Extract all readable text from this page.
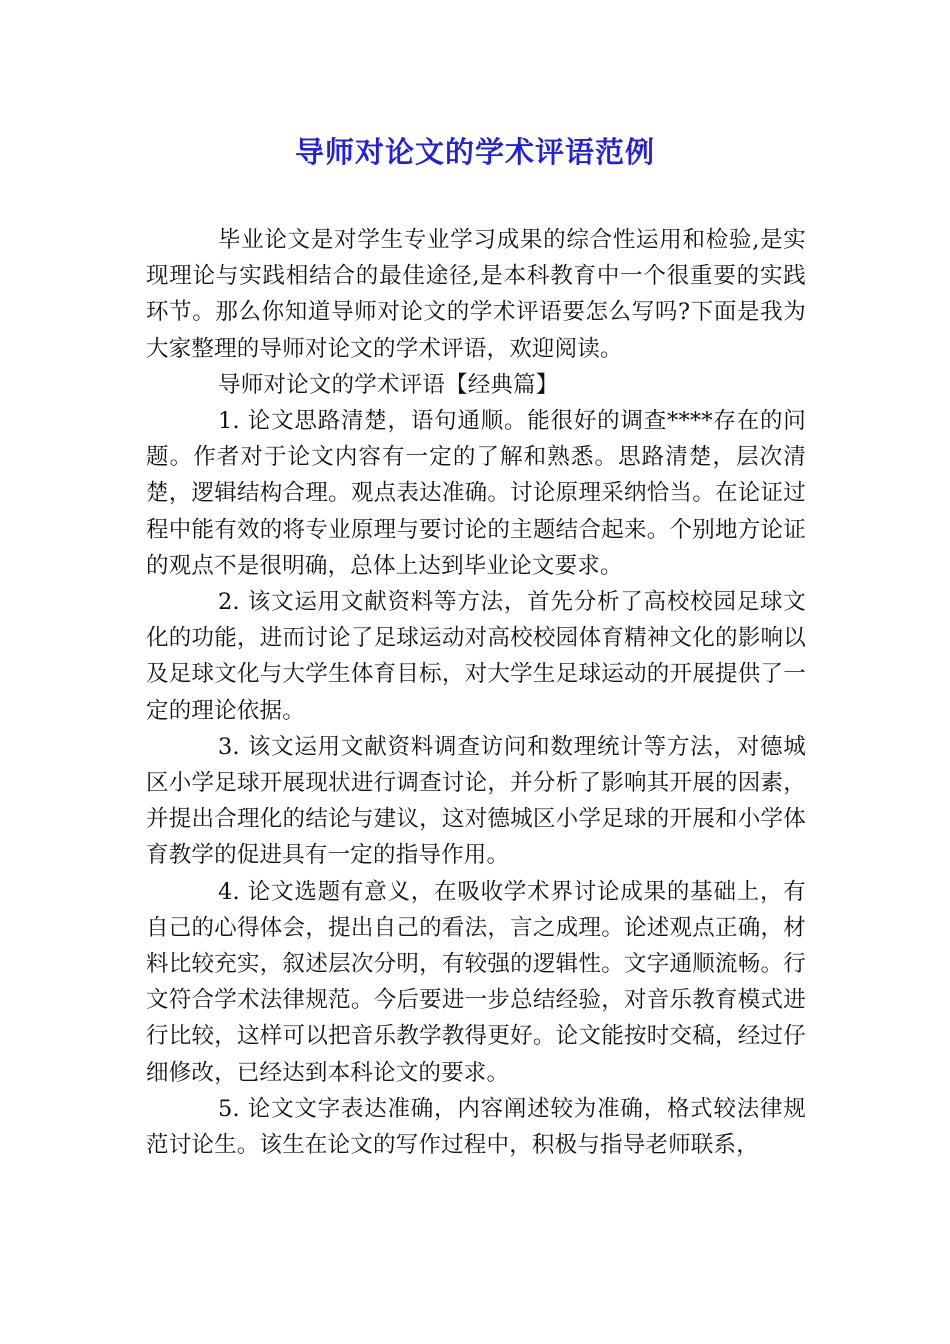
导师对论文的学术评语范例

毕业论文是对学生专业学习成果的综合性运用和检验,是实现理论与实践相结合的最佳途径,是本科教育中一个很重要的实践环节。那么你知道导师对论文的学术评语要怎么写吗?下面是我为大家整理的导师对论文的学术评语，欢迎阅读。

导师对论文的学术评语【经典篇】

1. 论文思路清楚，语句通顺。能很好的调查****存在的问题。作者对于论文内容有一定的了解和熟悉。思路清楚，层次清楚，逻辑结构合理。观点表达准确。讨论原理采纳恰当。在论证过程中能有效的将专业原理与要讨论的主题结合起来。个别地方论证的观点不是很明确，总体上达到毕业论文要求。

2. 该文运用文献资料等方法，首先分析了高校校园足球文化的功能，进而讨论了足球运动对高校校园体育精神文化的影响以及足球文化与大学生体育目标，对大学生足球运动的开展提供了一定的理论依据。

3. 该文运用文献资料调查访问和数理统计等方法，对德城区小学足球开展现状进行调查讨论，并分析了影响其开展的因素，并提出合理化的结论与建议，这对德城区小学足球的开展和小学体育教学的促进具有一定的指导作用。

4. 论文选题有意义，在吸收学术界讨论成果的基础上，有自己的心得体会，提出自己的看法，言之成理。论述观点正确，材料比较充实，叙述层次分明，有较强的逻辑性。文字通顺流畅。行文符合学术法律规范。今后要进一步总结经验，对音乐教育模式进行比较，这样可以把音乐教学教得更好。论文能按时交稿，经过仔细修改，已经达到本科论文的要求。

5. 论文文字表达准确，内容阐述较为准确，格式较法律规范讨论生。该生在论文的写作过程中，积极与指导老师联系，
